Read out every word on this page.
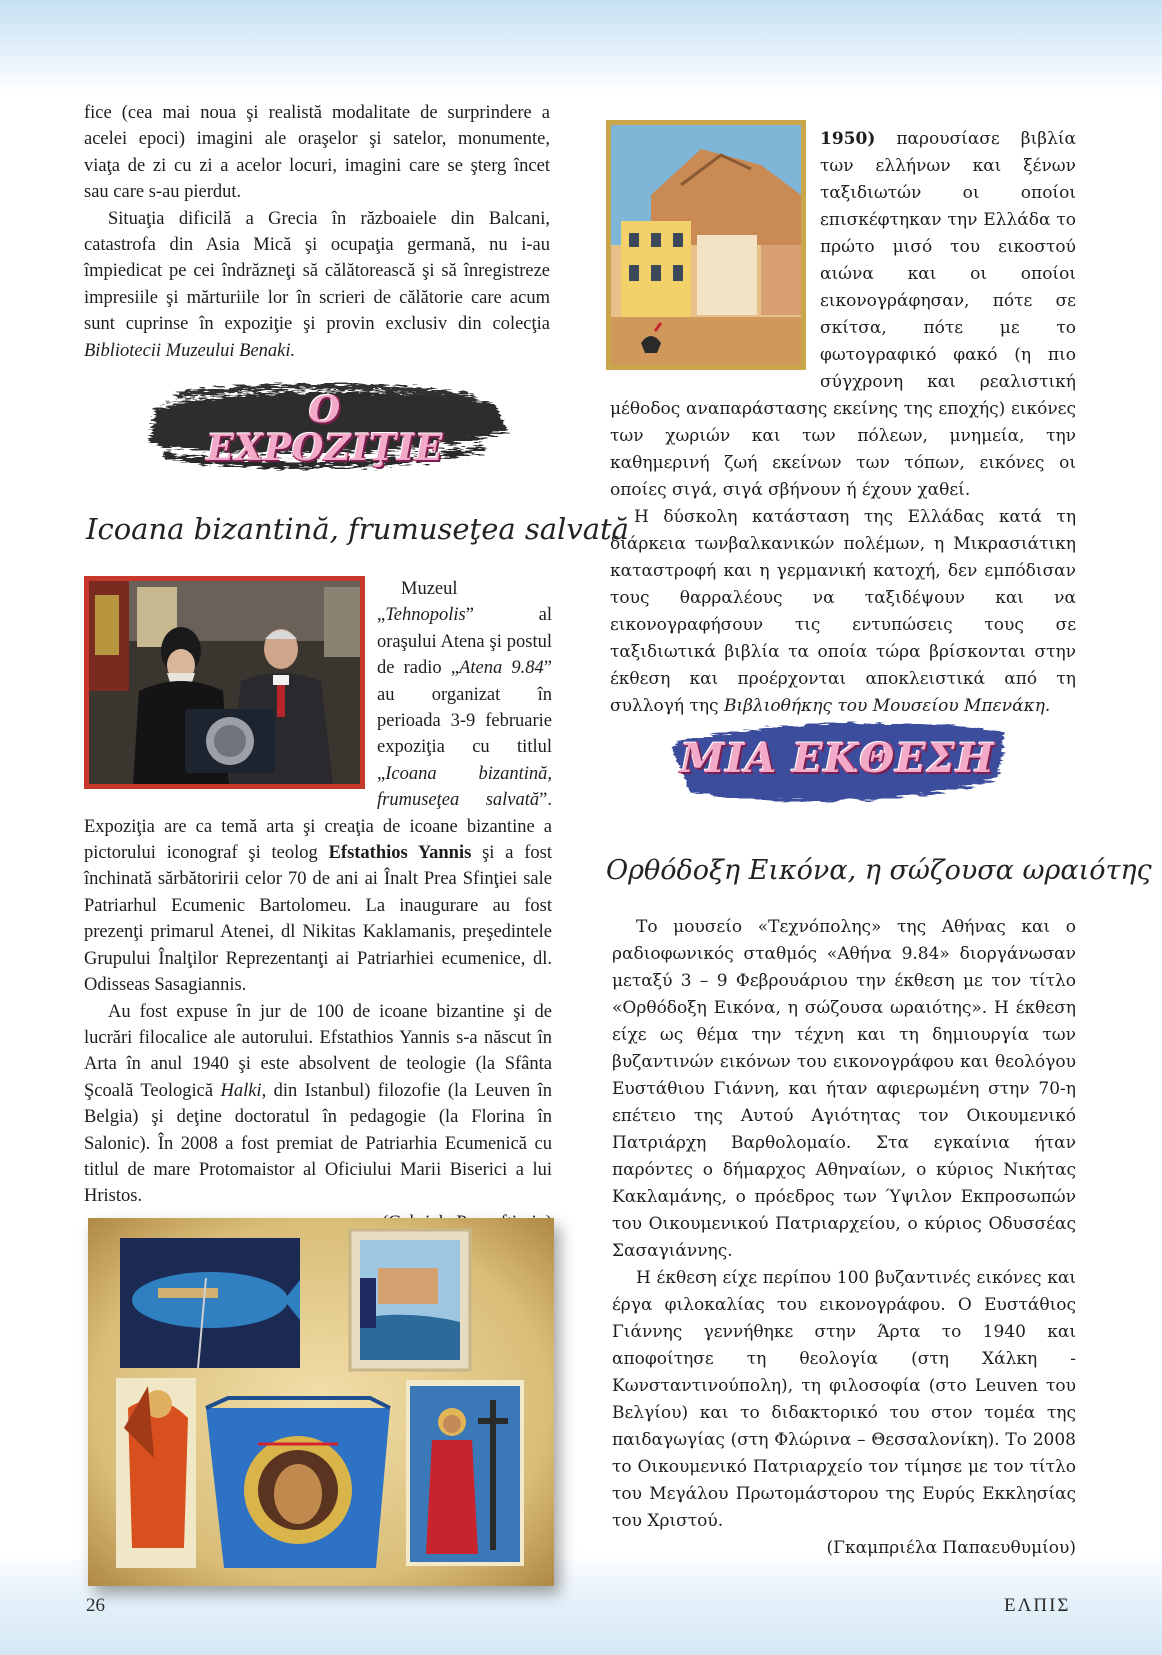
fice (cea mai noua şi realistă modalitate de surprindere a
acelei epoci) imagini ale oraşelor şi satelor, monumente,
viaţa de zi cu zi a acelor locuri, imagini care se şterg încet
sau care s-au pierdut.

Situaţia dificilă a Grecia în războaiele din Balcani, catastrofa din Asia Mică şi ocupaţia germană, nu i-au împiedicat pe cei îndrăzneţi să călătorească şi să înregistreze impresiile şi mărturiile lor în scrieri de călătorie care acum sunt cuprinse în expoziţie şi provin exclusiv din colecţia Bibliotecii Muzeului Benaki.

O
EXPOZIŢIE
Icoana bizantină, frumuseţea salvată

Muzeul „Tehnopolis” al oraşului Atena şi postul de radio „Atena 9.84” au organizat în perioada 3-9 februarie expoziţia cu titlul „Icoana bizantină, frumuseţea salvată”. Expoziţia are ca temă arta şi creaţia de icoane bizantine a pictorului iconograf şi teolog Efstathios Yannis şi a fost închinată sărbătoririi celor 70 de ani ai Înalt Prea Sfinţiei sale Patriarhul Ecumenic Bartolomeu. La inaugurare au fost prezenţi primarul Atenei, dl Nikitas Kaklamanis, preşedintele Grupului Înalţilor Reprezentanţi ai Patriarhiei ecumenice, dl. Odisseas Sasagiannis.

Au fost expuse în jur de 100 de icoane bizantine şi de lucrări filocalice ale autorului. Efstathios Yannis s-a născut în Arta în anul 1940 şi este absolvent de teologie (la Sfânta Şcoală Teologică Halki, din Istanbul) filozofie (la Leuven în Belgia) şi deţine doctoratul în pedagogie (la Florina în Salonic). În 2008 a fost premiat de Patriarhia Ecumenică cu titlul de mare Protomaistor al Oficiului Marii Biserici a lui Hristos.

1950) παρουσίασε βιβλία των ελλήνων και ξένων ταξιδιωτών οι οποίοι επισκέφτηκαν την Ελλάδα το πρώτο μισό του εικοστού αιώνα και οι οποίοι εικονογράφησαν, πότε σε σκίτσα, πότε με το φωτογραφικό φακό (η πιο σύγχρονη και ρεαλιστική μέθοδος αναπαράστασης εκείνης της εποχής) εικόνες των χωριών και των πόλεων, μνημεία, την καθημερινή ζωή εκείνων των τόπων, εικόνες οι οποίες σιγά, σιγά σβήνουν ή έχουν χαθεί.

Η δύσκολη κατάσταση της Ελλάδας κατά τη διάρκεια τωνβαλκανικών πολέμων, η Μικρασιάτικη καταστροφή και η γερμανική κατοχή, δεν εμπόδισαν τους θαρραλέους να ταξιδέψουν και να εικονογραφήσουν τις εντυπώσεις τους σε ταξιδιωτικά βιβλία τα οποία τώρα βρίσκονται στην έκθεση και προέρχονται αποκλειστικά από τη συλλογή της Βιβλιοθήκης του Μουσείου Μπενάκη.

ΜΙΑ ΕΚΘΕΣΗ
Ορθόδοξη Εικόνα, η σώζουσα ωραιότης

Το μουσείο «Τεχνόπολης» της Αθήνας και ο ραδιοφωνικός σταθμός «Αθήνα 9.84» διοργάνωσαν μεταξύ 3 – 9 Φεβρουάριου την έκθεση με τον τίτλο «Ορθόδοξη Εικόνα, η σώζουσα ωραιότης». Η έκθεση είχε ως θέμα την τέχνη και τη δημιουργία των βυζαντινών εικόνων του εικονογράφου και θεολόγου Ευστάθιου Γιάννη, και ήταν αφιερωμένη στην 70-η επέτειο της Αυτού Αγιότητας τον Οικουμενικό Πατριάρχη Βαρθολομαίο. Στα εγκαίνια ήταν παρόντες ο δήμαρχος Αθηναίων, ο κύριος Νικήτας Κακλαμάνης, ο πρόεδρος των Ύψιλον Εκπροσωπών του Οικουμενικού Πατριαρχείου, ο κύριος Οδυσσέας Σασαγιάννης.

Η έκθεση είχε περίπου 100 βυζαντινές εικόνες και έργα φιλοκαλίας του εικονογράφου. Ο Ευστάθιος Γιάννης γεννήθηκε στην Άρτα το 1940 και αποφοίτησε τη θεολογία (στη Χάλκη - Κωνσταντινούπολη), τη φιλοσοφία (στο Leuven του Βελγίου) και το διδακτορικό του στον τομέα της παιδαγωγίας (στη Φλώρινα – Θεσσαλονίκη). Το 2008 το Οικουμενικό Πατριαρχείο τον τίμησε με τον τίτλο του Μεγάλου Πρωτομάστορου της Ευρύς Εκκλησίας του Χριστού.

(Γκαμπριέλα Παπαευθυμίου)

26	ΕΛΠΙΣ
